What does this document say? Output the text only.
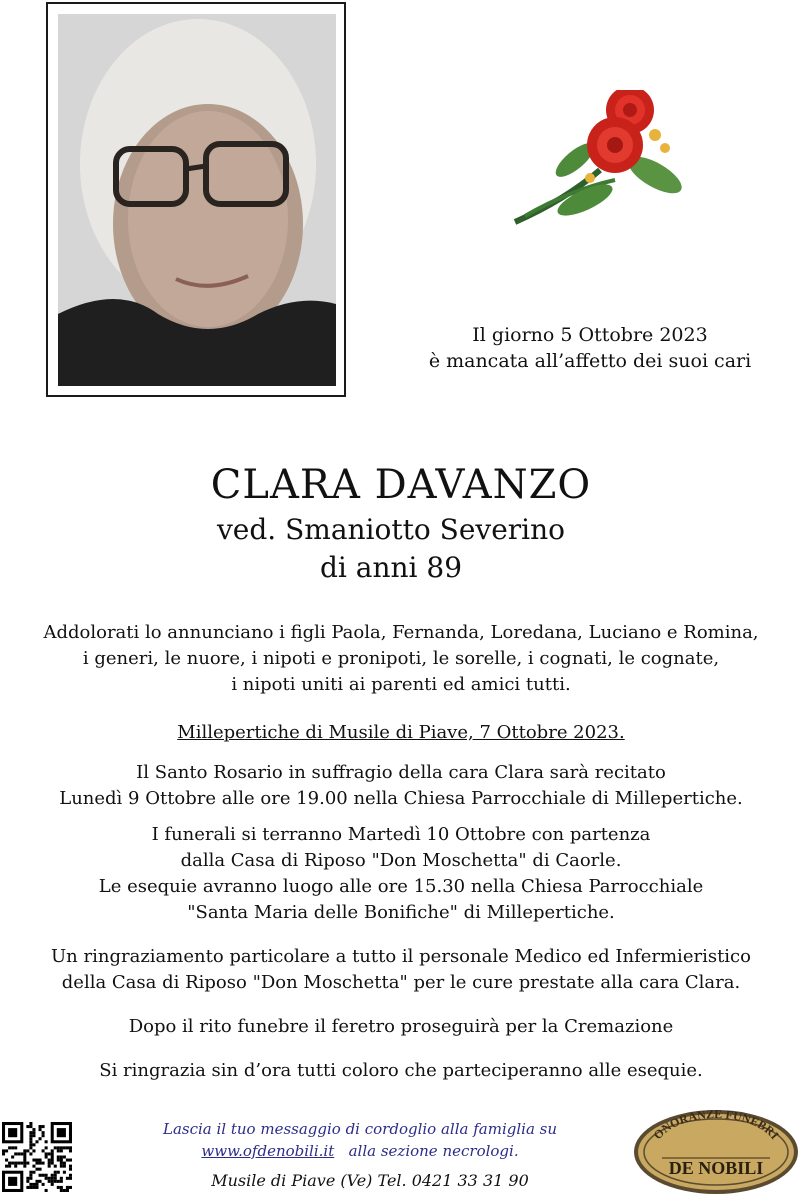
Il giorno 5 Ottobre 2023
è mancata all’affetto dei suoi cari
CLARA DAVANZO
ved. Smaniotto Severino
di anni 89
Addolorati lo annunciano i figli Paola, Fernanda, Loredana, Luciano e Romina,
i generi, le nuore, i nipoti e pronipoti, le sorelle, i cognati, le cognate,
i nipoti uniti ai parenti ed amici tutti.
Millepertiche di Musile di Piave, 7 Ottobre 2023.
Il Santo Rosario in suffragio della cara Clara sarà recitato
Lunedì 9 Ottobre alle ore 19.00 nella Chiesa Parrocchiale di Millepertiche.
I funerali si terranno Martedì 10 Ottobre con partenza
dalla Casa di Riposo "Don Moschetta" di Caorle.
Le esequie avranno luogo alle ore 15.30 nella Chiesa Parrocchiale
"Santa Maria delle Bonifiche" di Millepertiche.
Un ringraziamento particolare a tutto il personale Medico ed Infermieristico
della Casa di Riposo "Don Moschetta" per le cure prestate alla cara Clara.
Dopo il rito funebre il feretro proseguirà per la Cremazione
Si ringrazia sin d’ora tutti coloro che parteciperanno alle esequie.
Lascia il tuo messaggio di cordoglio alla famiglia su
www.ofdenobili.it alla sezione necrologi.
Musile di Piave (Ve) Tel. 0421 33 31 90
ONORANZE FUNEBRI
DE NOBILI
